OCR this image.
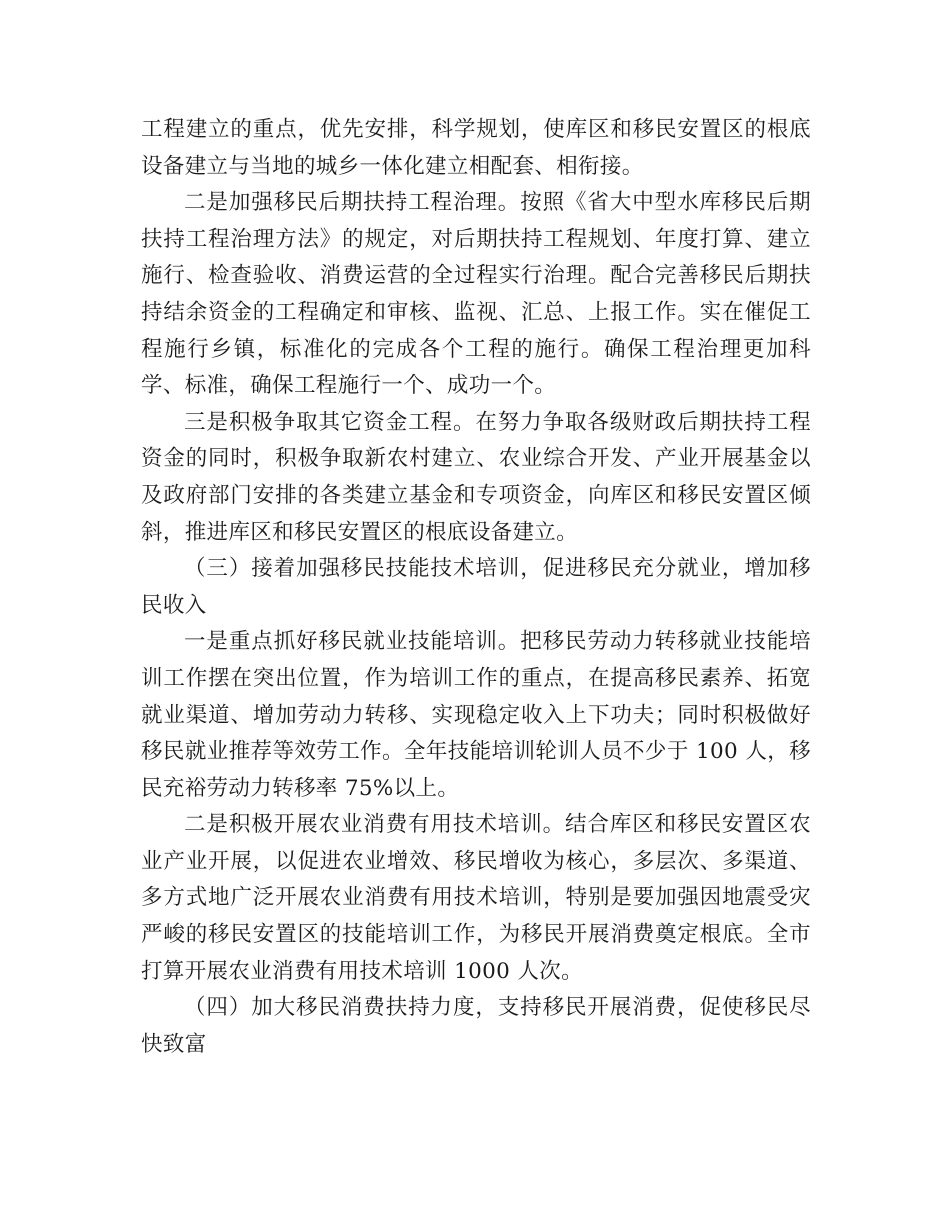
工程建立的重点，优先安排，科学规划，使库区和移民安置区的根底设备建立与当地的城乡一体化建立相配套、相衔接。

二是加强移民后期扶持工程治理。按照《省大中型水库移民后期扶持工程治理方法》的规定，对后期扶持工程规划、年度打算、建立施行、检查验收、消费运营的全过程实行治理。配合完善移民后期扶持结余资金的工程确定和审核、监视、汇总、上报工作。实在催促工程施行乡镇，标准化的完成各个工程的施行。确保工程治理更加科学、标准，确保工程施行一个、成功一个。

三是积极争取其它资金工程。在努力争取各级财政后期扶持工程资金的同时，积极争取新农村建立、农业综合开发、产业开展基金以及政府部门安排的各类建立基金和专项资金，向库区和移民安置区倾斜，推进库区和移民安置区的根底设备建立。

（三）接着加强移民技能技术培训，促进移民充分就业，增加移民收入

一是重点抓好移民就业技能培训。把移民劳动力转移就业技能培训工作摆在突出位置，作为培训工作的重点，在提高移民素养、拓宽就业渠道、增加劳动力转移、实现稳定收入上下功夫；同时积极做好移民就业推荐等效劳工作。全年技能培训轮训人员不少于 100 人，移民充裕劳动力转移率 75%以上。

二是积极开展农业消费有用技术培训。结合库区和移民安置区农业产业开展，以促进农业增效、移民增收为核心，多层次、多渠道、多方式地广泛开展农业消费有用技术培训，特别是要加强因地震受灾严峻的移民安置区的技能培训工作，为移民开展消费奠定根底。全市打算开展农业消费有用技术培训 1000 人次。

（四）加大移民消费扶持力度，支持移民开展消费，促使移民尽快致富
